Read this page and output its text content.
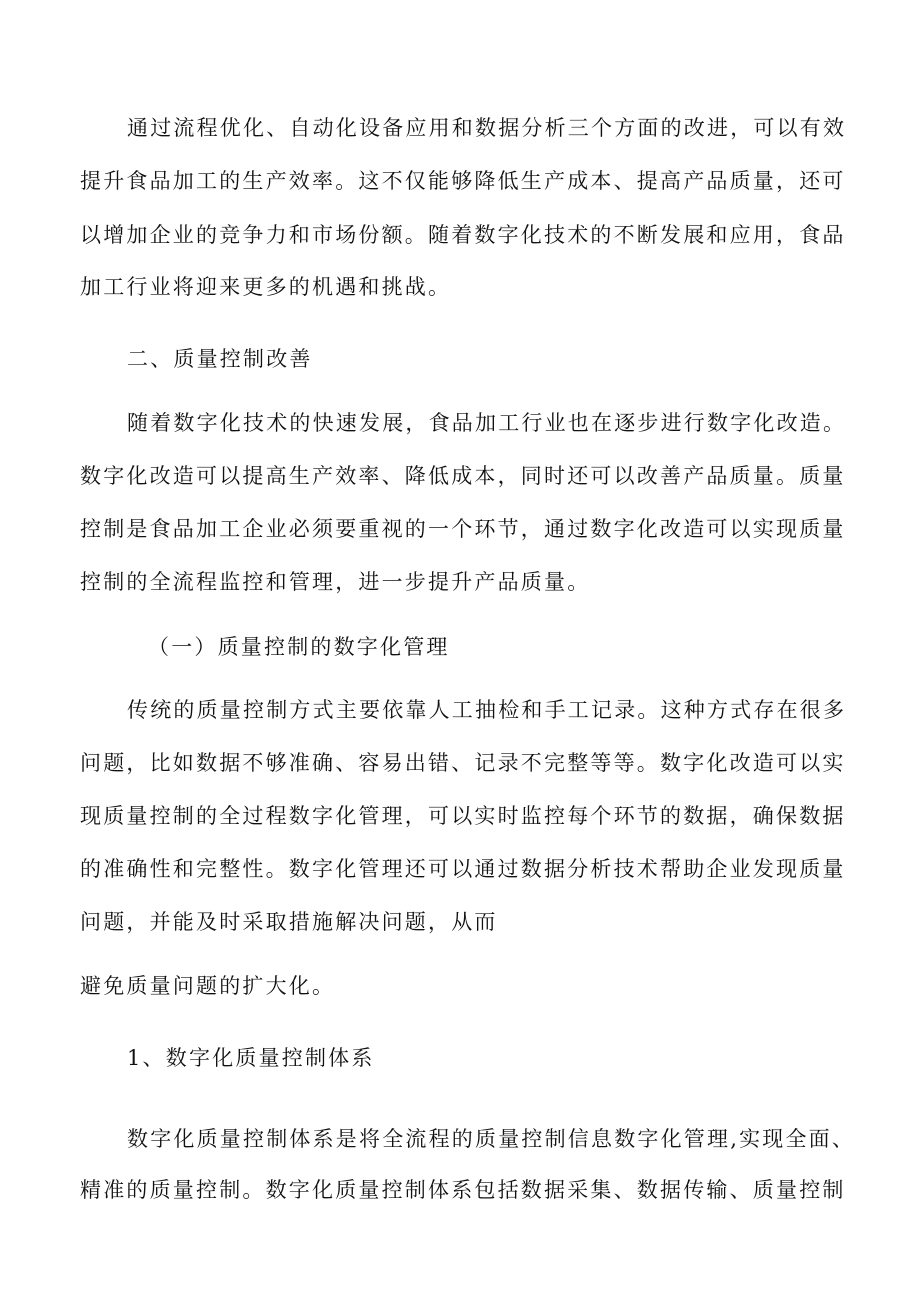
通过流程优化、自动化设备应用和数据分析三个方面的改进，可以有效
提升食品加工的生产效率。这不仅能够降低生产成本、提高产品质量，还可
以增加企业的竞争力和市场份额。随着数字化技术的不断发展和应用，食品
加工行业将迎来更多的机遇和挑战。
二、质量控制改善
随着数字化技术的快速发展，食品加工行业也在逐步进行数字化改造。
数字化改造可以提高生产效率、降低成本，同时还可以改善产品质量。质量
控制是食品加工企业必须要重视的一个环节，通过数字化改造可以实现质量
控制的全流程监控和管理，进一步提升产品质量。
（一）质量控制的数字化管理
传统的质量控制方式主要依靠人工抽检和手工记录。这种方式存在很多
问题，比如数据不够准确、容易出错、记录不完整等等。数字化改造可以实
现质量控制的全过程数字化管理，可以实时监控每个环节的数据，确保数据
的准确性和完整性。数字化管理还可以通过数据分析技术帮助企业发现质量
问题，并能及时采取措施解决问题，从而
避免质量问题的扩大化。
1、数字化质量控制体系
数字化质量控制体系是将全流程的质量控制信息数字化管理,实现全面、
精准的质量控制。数字化质量控制体系包括数据采集、数据传输、质量控制
